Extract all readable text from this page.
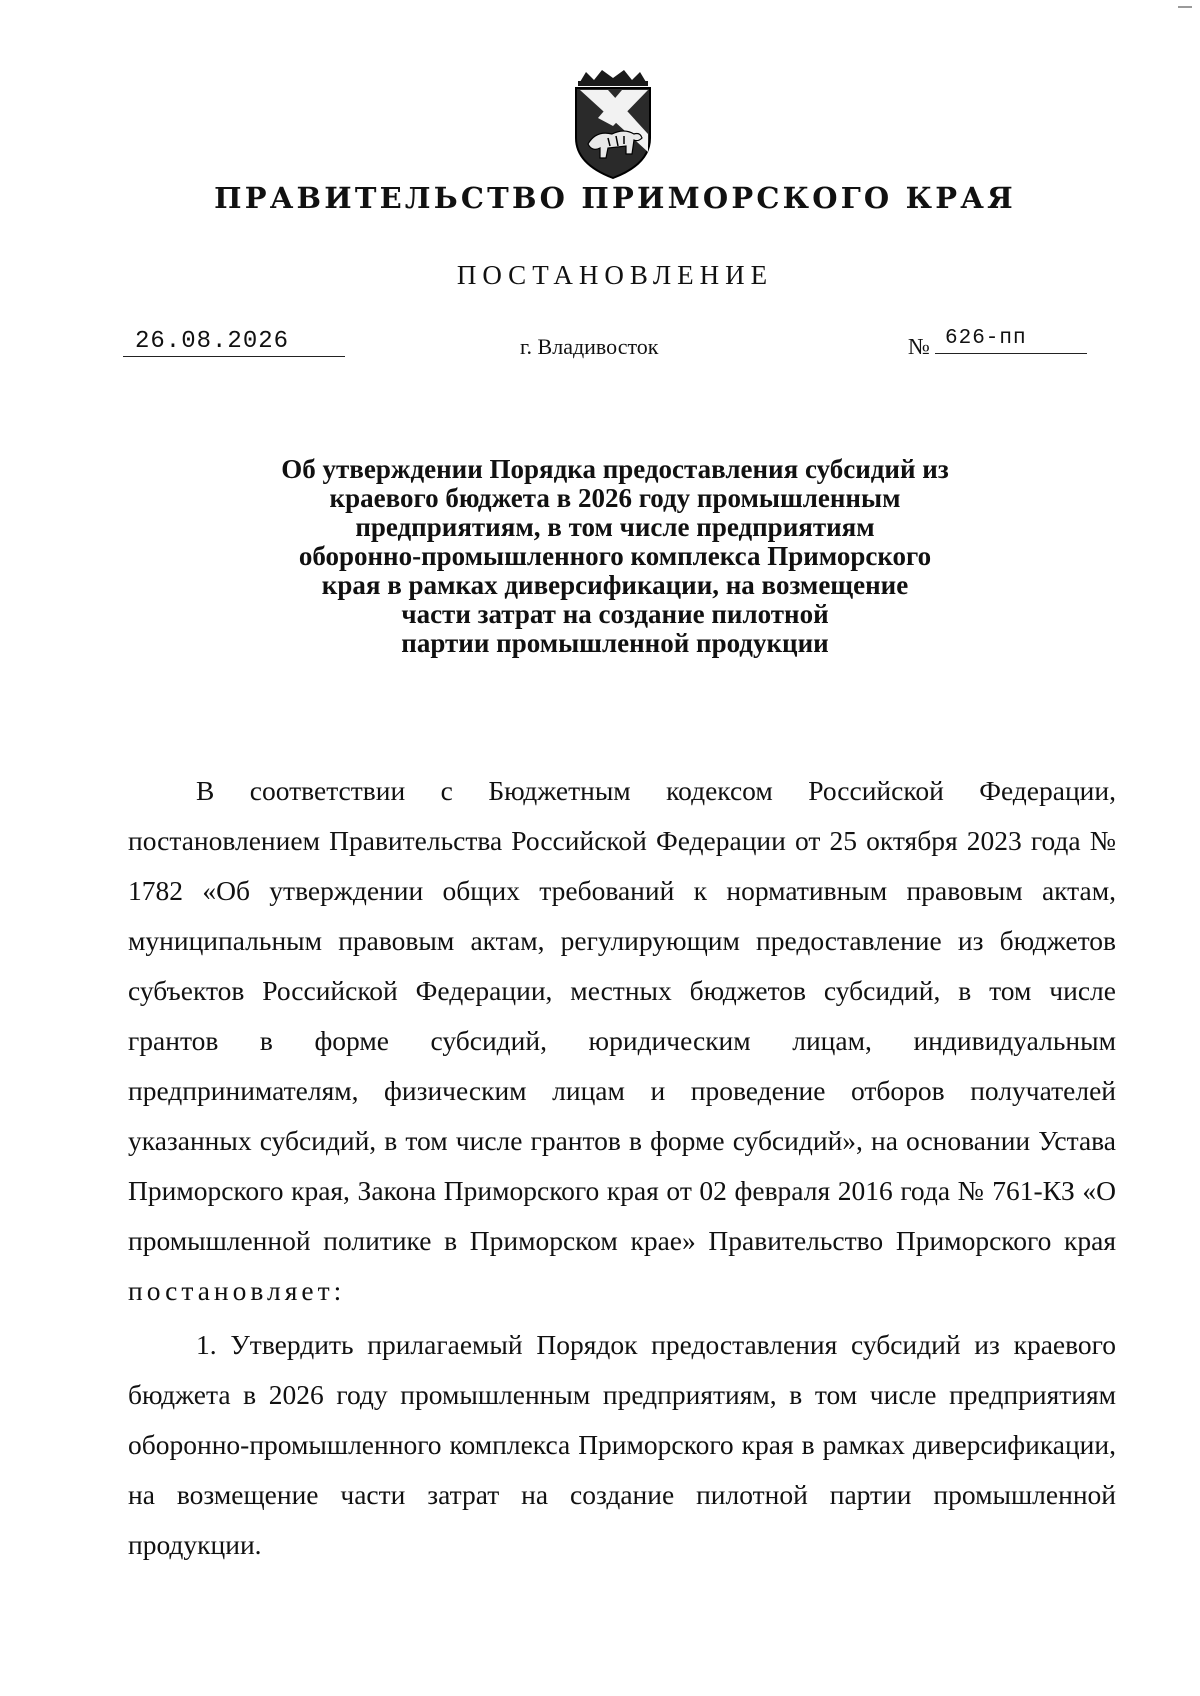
ПРАВИТЕЛЬСТВО ПРИМОРСКОГО КРАЯ
ПОСТАНОВЛЕНИЕ
26.08.2026	г. Владивосток	№ 626-пп
Об утверждении Порядка предоставления субсидий из
краевого бюджета в 2026 году промышленным
предприятиям, в том числе предприятиям
оборонно-промышленного комплекса Приморского
края в рамках диверсификации, на возмещение
части затрат на создание пилотной
партии промышленной продукции

В соответствии с Бюджетным кодексом Российской Федерации, постановлением Правительства Российской Федерации от 25 октября 2023 года № 1782 «Об утверждении общих требований к нормативным правовым актам, муниципальным правовым актам, регулирующим предоставление из бюджетов субъектов Российской Федерации, местных бюджетов субсидий, в том числе грантов в форме субсидий, юридическим лицам, индивидуальным предпринимателям, физическим лицам и проведение отборов получателей указанных субсидий, в том числе грантов в форме субсидий», на основании Устава Приморского края, Закона Приморского края от 02 февраля 2016 года № 761-КЗ «О промышленной политике в Приморском крае» Правительство Приморского края постановляет:

1. Утвердить прилагаемый Порядок предоставления субсидий из краевого бюджета в 2026 году промышленным предприятиям, в том числе предприятиям оборонно-промышленного комплекса Приморского края в рамках диверсификации, на возмещение части затрат на создание пилотной партии промышленной продукции.
